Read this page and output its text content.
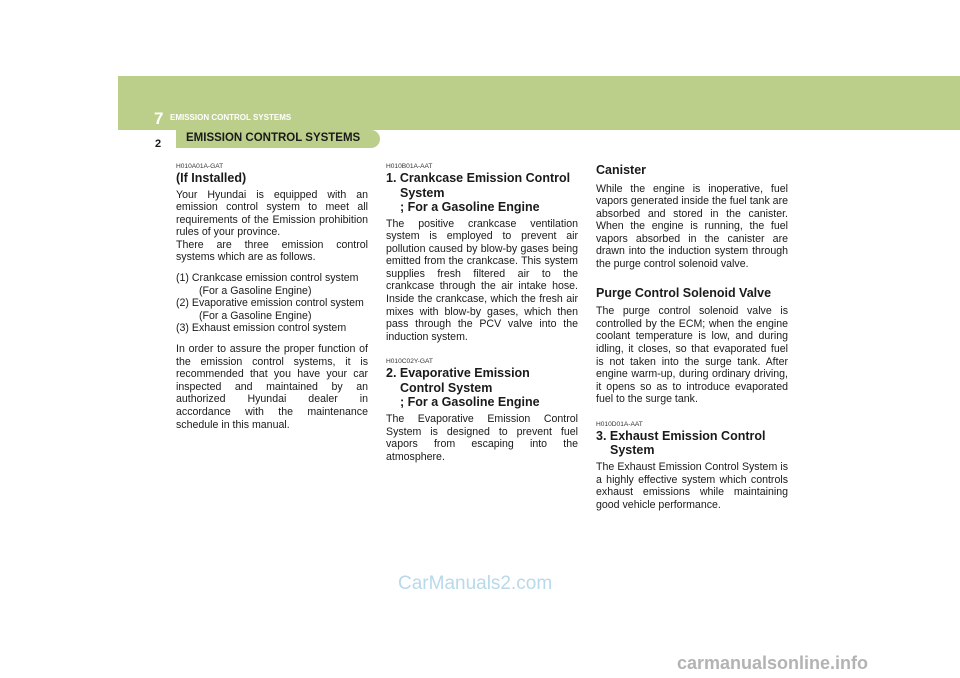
7 EMISSION CONTROL SYSTEMS
2 EMISSION CONTROL SYSTEMS

H010A01A-GAT

(If Installed)

Your Hyundai is equipped with an emission control system to meet all requirements of the Emission prohibition rules of your province.

There are three emission control systems which are as follows.

(1) Crankcase emission control system (For a Gasoline Engine)
(2) Evaporative emission control system (For a Gasoline Engine)
(3) Exhaust emission control system

In order to assure the proper function of the emission control systems, it is recommended that you have your car inspected and maintained by an authorized Hyundai dealer in accordance with the maintenance schedule in this manual.

H010B01A-AAT

1. Crankcase Emission Control
System
; For a Gasoline Engine

The positive crankcase ventilation system is employed to prevent air pollution caused by blow-by gases being emitted from the crankcase. This system supplies fresh filtered air to the crankcase through the air intake hose. Inside the crankcase, which the fresh air mixes with blow-by gases, which then pass through the PCV valve into the induction system.

H010C02Y-GAT

2. Evaporative Emission
Control System
; For a Gasoline Engine

The Evaporative Emission Control System is designed to prevent fuel vapors from escaping into the atmosphere.

Canister

While the engine is inoperative, fuel vapors generated inside the fuel tank are absorbed and stored in the canister. When the engine is running, the fuel vapors absorbed in the canister are drawn into the induction system through the purge control solenoid valve.

Purge Control Solenoid Valve

The purge control solenoid valve is controlled by the ECM; when the engine coolant temperature is low, and during idling, it closes, so that evaporated fuel is not taken into the surge tank. After engine warm-up, during ordinary driving, it opens so as to introduce evaporated fuel to the surge tank.

H010D01A-AAT

3. Exhaust Emission Control
System

The Exhaust Emission Control System is a highly effective system which controls exhaust emissions while maintaining good vehicle performance.

CarManuals2.com
carmanualsonline.info
